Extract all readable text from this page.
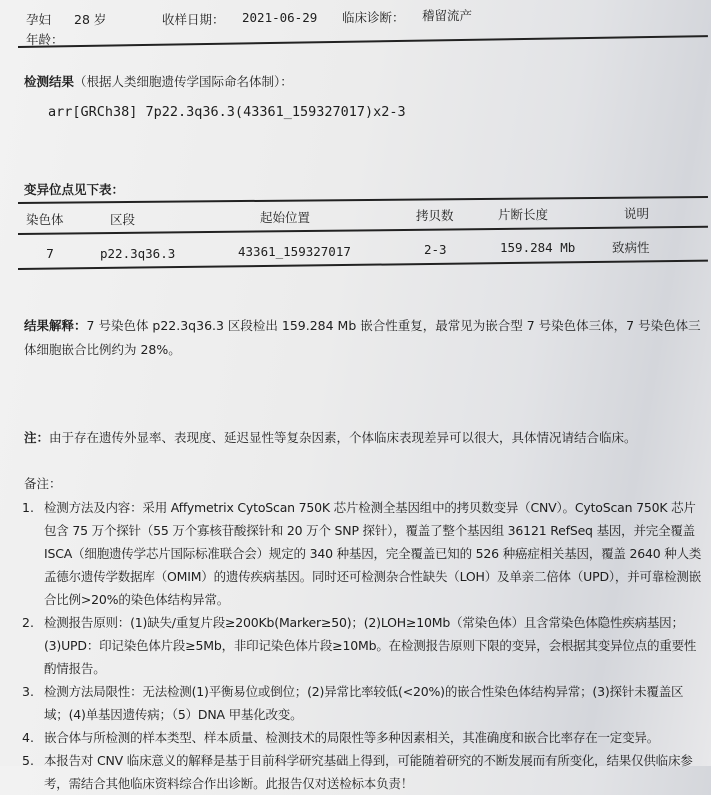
孕妇 28 岁
年龄：
收样日期： 2021-06-29 临床诊断： 稽留流产
检测结果（根据人类细胞遗传学国际命名体制）：
arr[GRCh38] 7p22.3q36.3(43361_159327017)x2-3
变异位点见下表：
染色体	区段	起始位置	拷贝数	片断长度	说明
7	p22.3q36.3	43361_159327017	2-3	159.284 Mb	致病性
结果解释：7 号染色体 p22.3q36.3 区段检出 159.284 Mb 嵌合性重复，最常见为嵌合型 7 号染色体三体，7 号染色体三体细胞嵌合比例约为 28%。
注：由于存在遗传外显率、表现度、延迟显性等复杂因素，个体临床表现差异可以很大，具体情况请结合临床。
备注：
1. 检测方法及内容：采用 Affymetrix CytoScan 750K 芯片检测全基因组中的拷贝数变异（CNV）。CytoScan 750K 芯片包含 75 万个探针（55 万个寡核苷酸探针和 20 万个 SNP 探针），覆盖了整个基因组 36121 RefSeq 基因，并完全覆盖 ISCA（细胞遗传学芯片国际标准联合会）规定的 340 种基因，完全覆盖已知的 526 种癌症相关基因，覆盖 2640 种人类孟德尔遗传学数据库（OMIM）的遗传疾病基因。同时还可检测杂合性缺失（LOH）及单亲二倍体（UPD），并可靠检测嵌合比例>20%的染色体结构异常。
2. 检测报告原则：(1)缺失/重复片段≥200Kb(Marker≥50)；(2)LOH≥10Mb（常染色体）且含常染色体隐性疾病基因；(3)UPD：印记染色体片段≥5Mb，非印记染色体片段≥10Mb。在检测报告原则下限的变异，会根据其变异位点的重要性酌情报告。
3. 检测方法局限性：无法检测(1)平衡易位或倒位；(2)异常比率较低(<20%)的嵌合性染色体结构异常；(3)探针未覆盖区域；(4)单基因遗传病；（5）DNA 甲基化改变。
4. 嵌合体与所检测的样本类型、样本质量、检测技术的局限性等多种因素相关，其准确度和嵌合比率存在一定变异。
5. 本报告对 CNV 临床意义的解释是基于目前科学研究基础上得到，可能随着研究的不断发展而有所变化，结果仅供临床参考，需结合其他临床资料综合作出诊断。此报告仅对送检标本负责！
